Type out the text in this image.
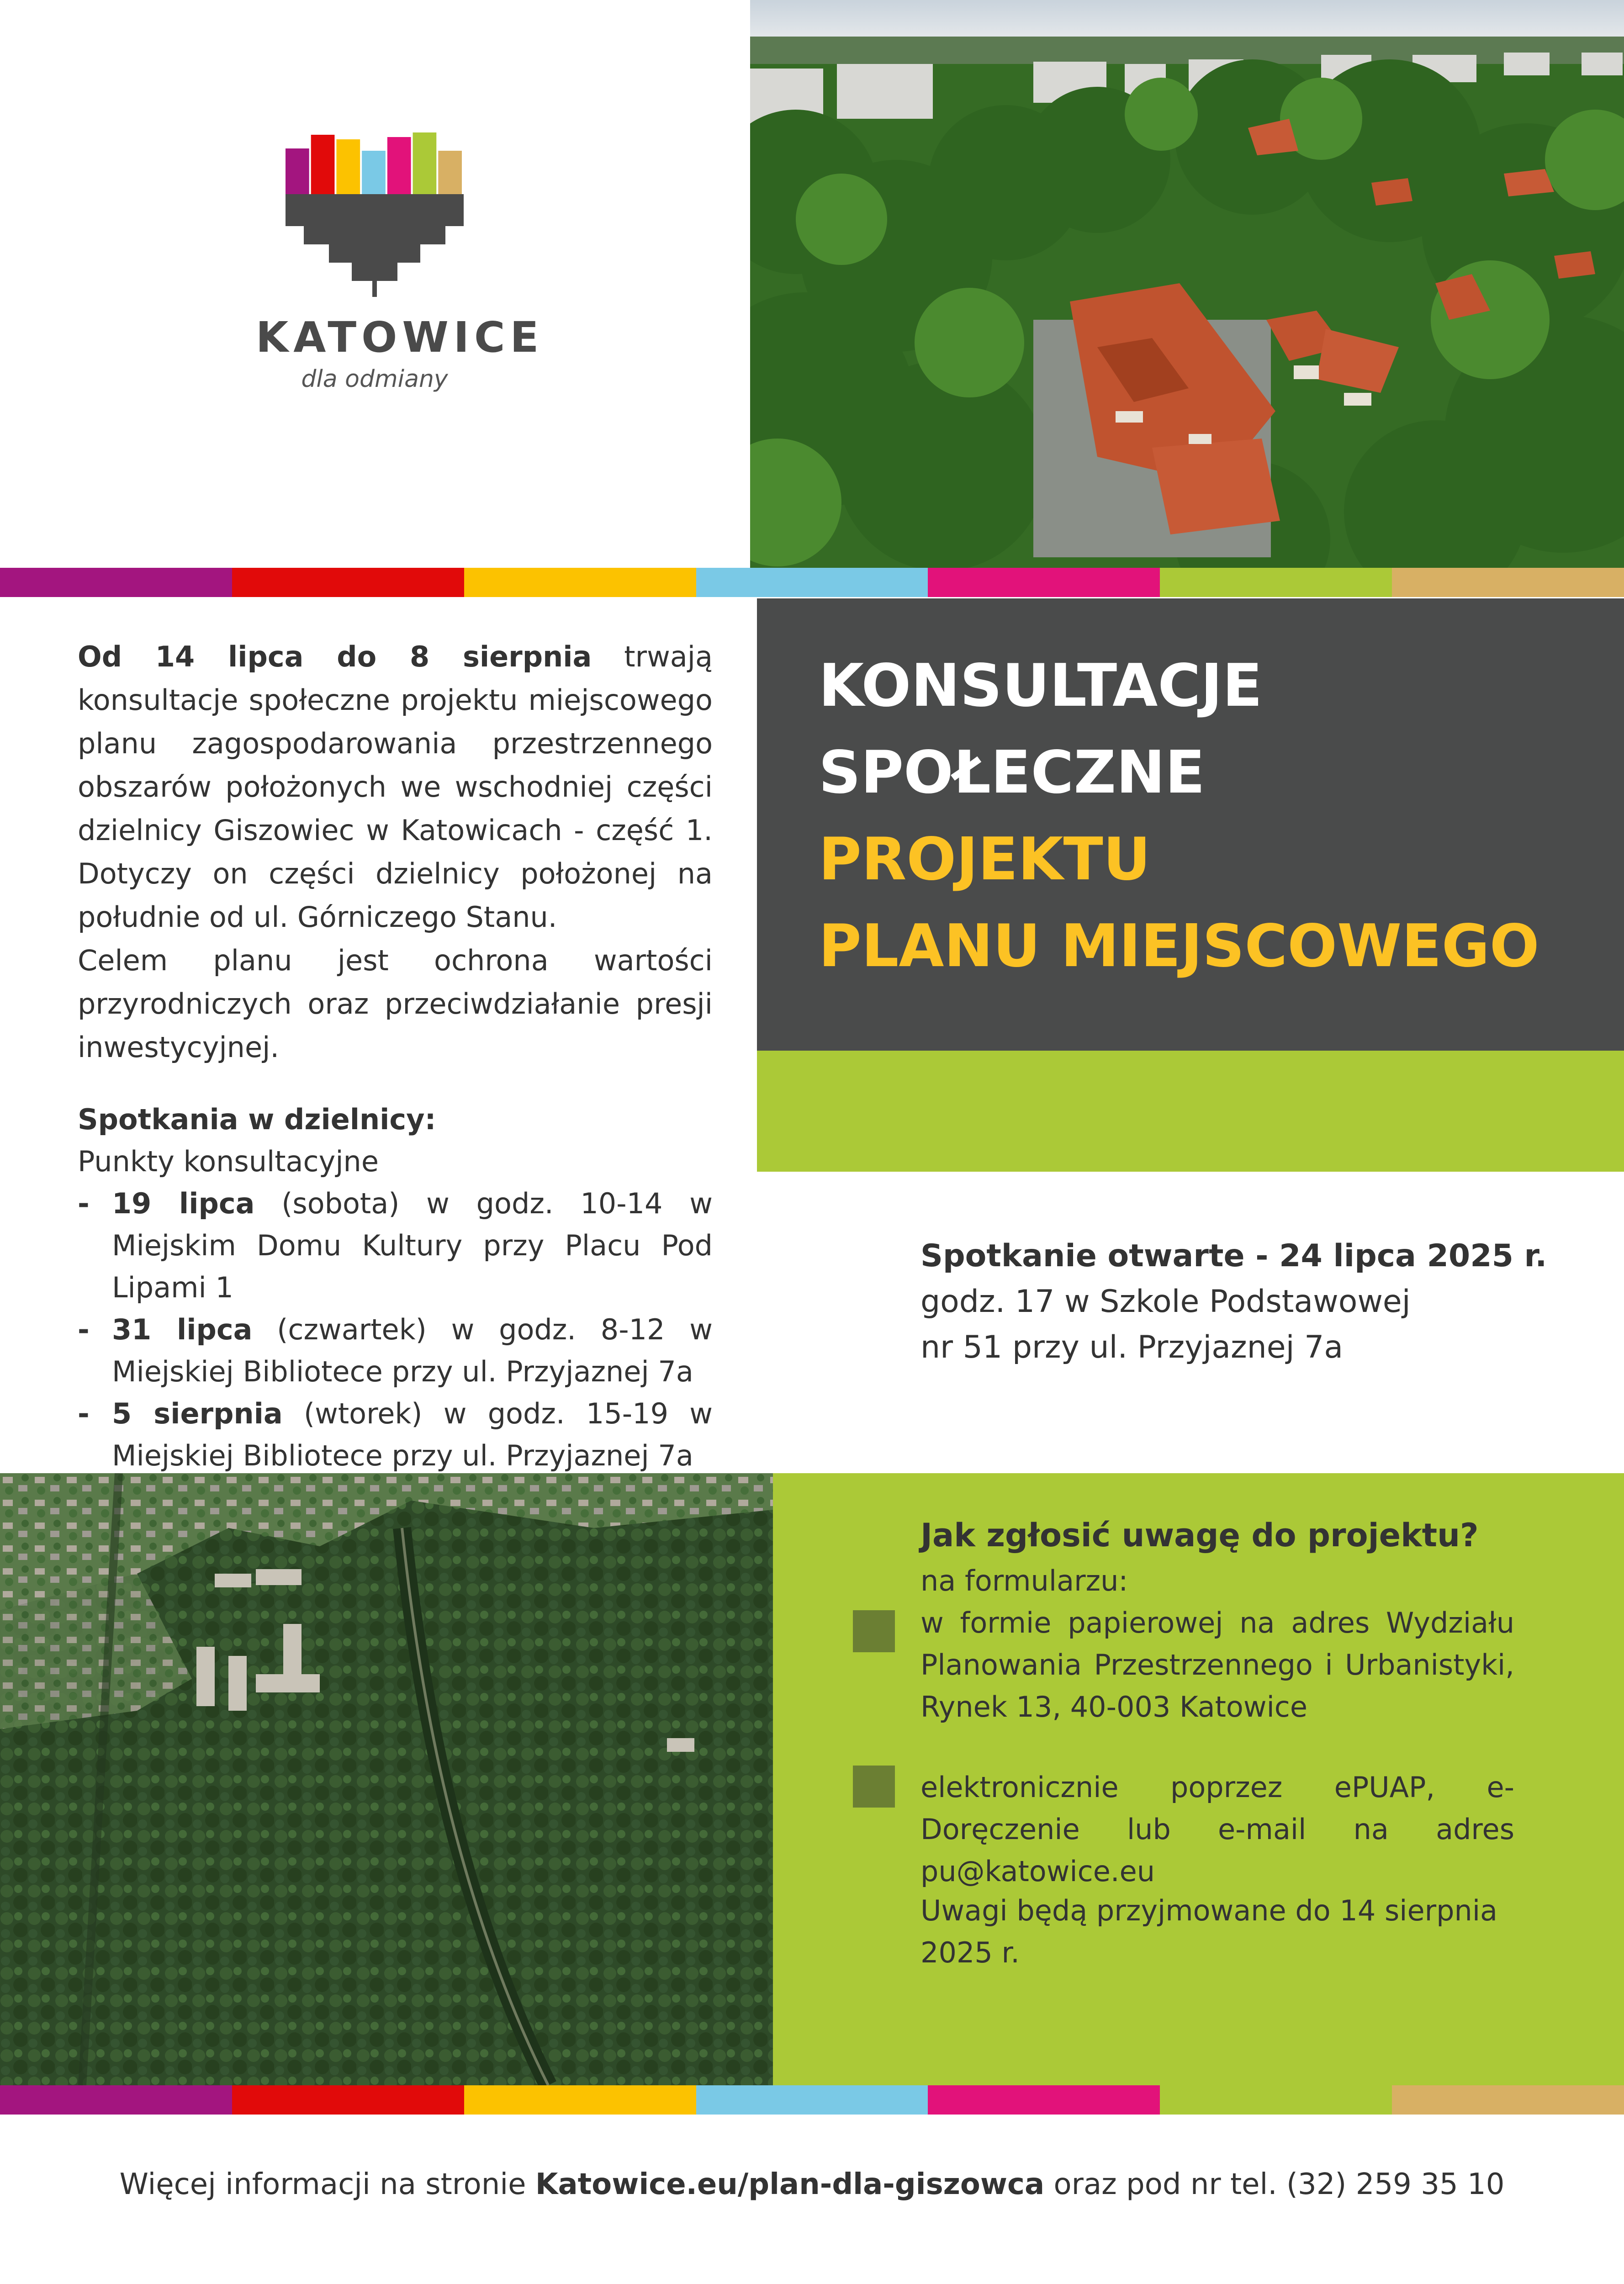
KATOWICE
dla odmiany

Od 14 lipca do 8 sierpnia trwają konsultacje społeczne projektu miejscowego planu zagospodarowania przestrzennego obszarów położonych we wschodniej części dzielnicy Giszowiec w Katowicach - część 1. Dotyczy on części dzielnicy położonej na południe od ul. Górniczego Stanu.

Celem planu jest ochrona wartości przyrodniczych oraz przeciwdziałanie presji inwestycyjnej.

Spotkania w dzielnicy:
Punkty konsultacyjne
- 19 lipca (sobota) w godz. 10-14 w Miejskim Domu Kultury przy Placu Pod Lipami 1
- 31 lipca (czwartek) w godz. 8-12 w Miejskiej Bibliotece przy ul. Przyjaznej 7a
- 5 sierpnia (wtorek) w godz. 15-19 w Miejskiej Bibliotece przy ul. Przyjaznej 7a
KONSULTACJE
SPOŁECZNE
PROJEKTU
PLANU MIEJSCOWEGO
Spotkanie otwarte - 24 lipca 2025 r.
godz. 17 w Szkole Podstawowej
nr 51 przy ul. Przyjaznej 7a
Jak zgłosić uwagę do projektu?
na formularzu:
w formie papierowej na adres Wydziału Planowania Przestrzennego i Urbanistyki, Rynek 13, 40-003 Katowice
elektronicznie poprzez ePUAP, e-Doręczenie lub e-mail na adres pu@katowice.eu
Uwagi będą przyjmowane do 14 sierpnia 2025 r.
Więcej informacji na stronie Katowice.eu/plan-dla-giszowca oraz pod nr tel. (32) 259 35 10
